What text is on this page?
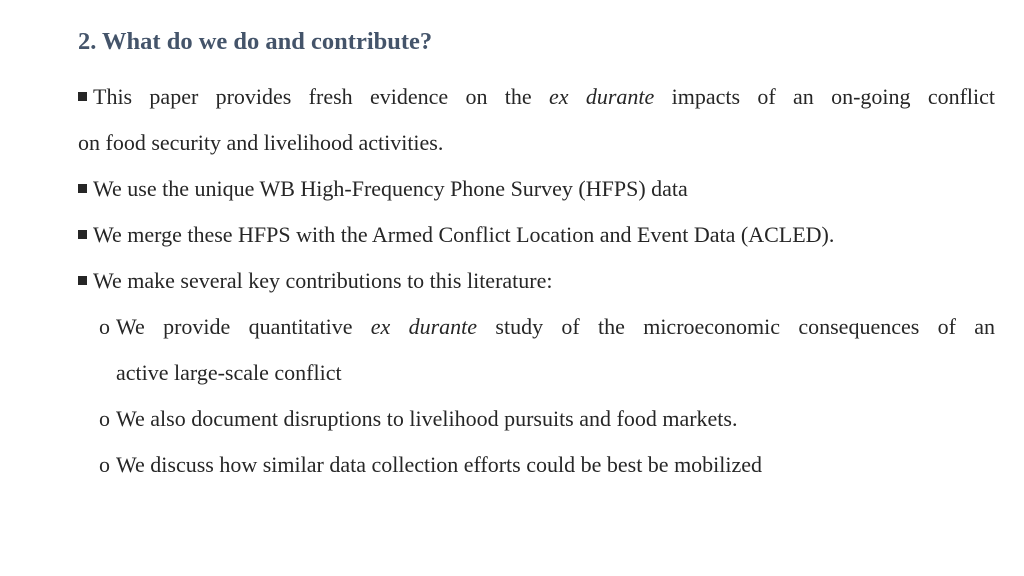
2. What do we do and contribute?
This paper provides fresh evidence on the ex durante impacts of an on-going conflict
on food security and livelihood activities.
We use the unique WB High-Frequency Phone Survey (HFPS) data
We merge these HFPS with the Armed Conflict Location and Event Data (ACLED).
We make several key contributions to this literature:
o We provide quantitative ex durante study of the microeconomic consequences of an
active large-scale conflict
o We also document disruptions to livelihood pursuits and food markets.
o We discuss how similar data collection efforts could be best be mobilized
